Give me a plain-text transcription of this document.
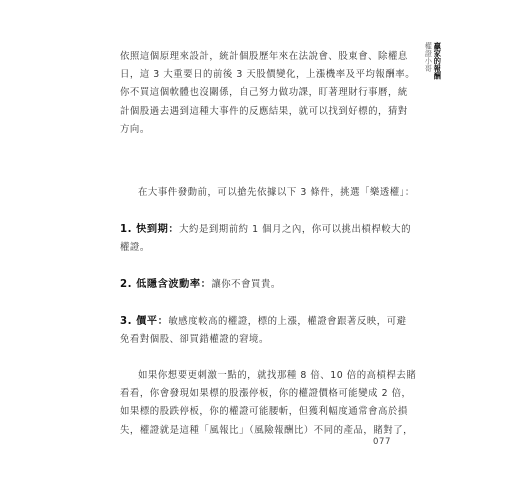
權證小哥 贏家的報酬

依照這個原理來設計，統計個股歷年來在法說會、股東會、除權息
日，這 3 大重要日的前後 3 天股價變化，上漲機率及平均報酬率。
你不買這個軟體也沒關係，自己努力做功課，盯著理財行事曆，統
計個股過去遇到這種大事件的反應結果，就可以找到好標的，猜對
方向。

在大事件發動前，可以搶先依據以下 3 條件，挑選「樂透權」：

1. 快到期：大約是到期前約 1 個月之內，你可以挑出槓桿較大的
權證。

2. 低隱含波動率：讓你不會買貴。

3. 價平：敏感度較高的權證，標的上漲，權證會跟著反映，可避
免看對個股、卻買錯權證的窘境。

如果你想要更刺激一點的，就找那種 8 倍、10 倍的高槓桿去賭
看看，你會發現如果標的股漲停板，你的權證價格可能變成 2 倍，
如果標的股跌停板，你的權證可能腰斬，但獲利幅度通常會高於損
失，權證就是這種「風報比」（風險報酬比）不同的產品，賭對了，

077
